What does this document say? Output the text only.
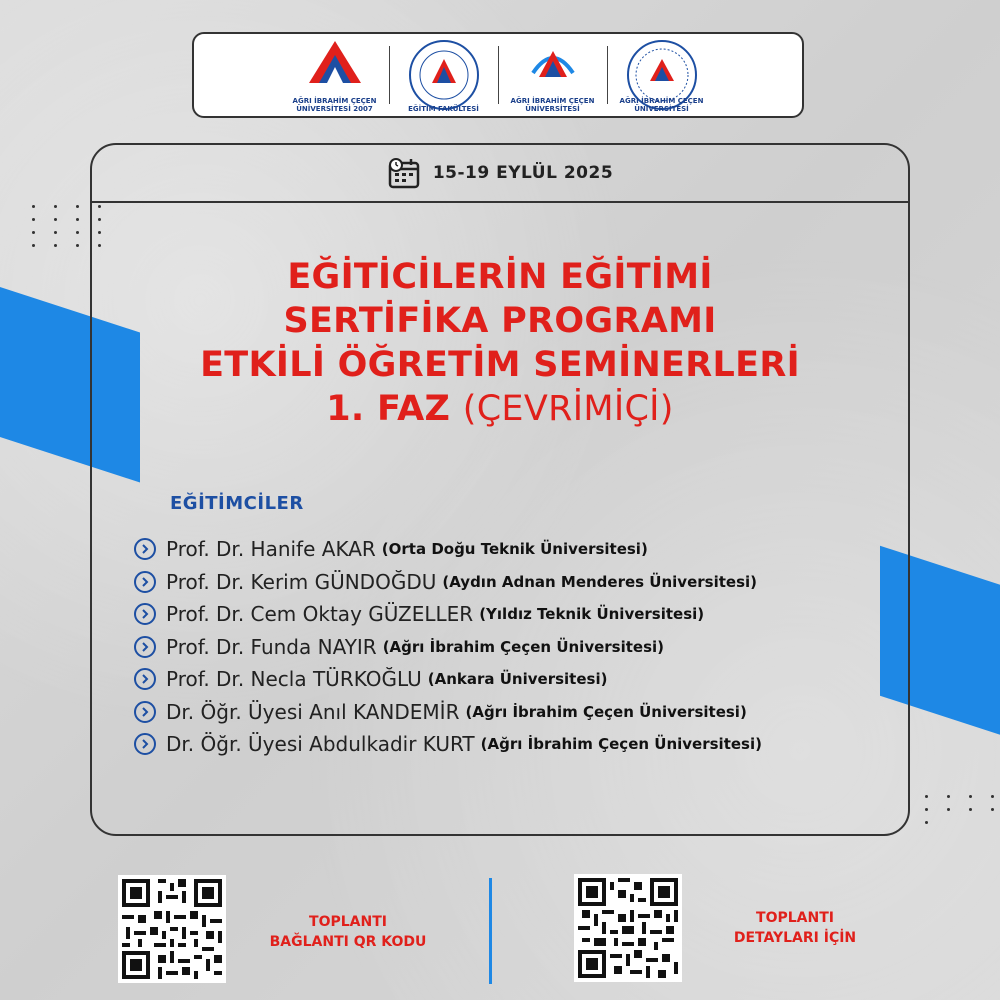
AĞRI İBRAHİM ÇEÇEN ÜNİVERSİTESİ 2007	EĞİTİM FAKÜLTESİ
AĞRI İBRAHİM ÇEÇEN ÜNİVERSİTESİ
AĞRI İBRAHİM ÇEÇEN ÜNİVERSİTESİ
15-19 EYLÜL 2025
EĞİTİCİLERİN EĞİTİMİ
SERTİFİKA PROGRAMI
ETKİLİ ÖĞRETİM SEMİNERLERİ
1. FAZ (ÇEVRİMİÇİ)
EĞİTİMCİLER
Prof. Dr. Hanife AKAR (Orta Doğu Teknik Üniversitesi)
Prof. Dr. Kerim GÜNDOĞDU (Aydın Adnan Menderes Üniversitesi)
Prof. Dr. Cem Oktay GÜZELLER (Yıldız Teknik Üniversitesi)
Prof. Dr. Funda NAYIR (Ağrı İbrahim Çeçen Üniversitesi)
Prof. Dr. Necla TÜRKOĞLU (Ankara Üniversitesi)
Dr. Öğr. Üyesi Anıl KANDEMİR (Ağrı İbrahim Çeçen Üniversitesi)
Dr. Öğr. Üyesi Abdulkadir KURT (Ağrı İbrahim Çeçen Üniversitesi)
TOPLANTI
BAĞLANTI QR KODU
TOPLANTI
DETAYLARI İÇİN
